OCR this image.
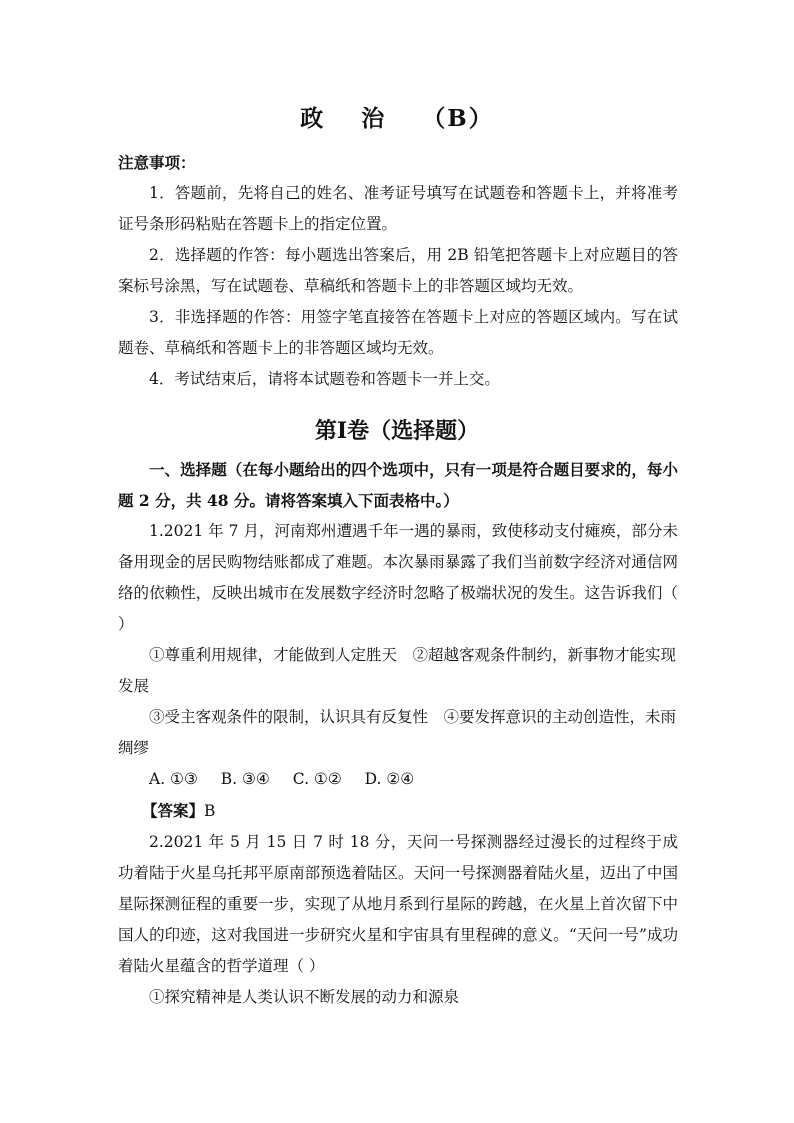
政 治 （B）
注意事项：

1．答题前，先将自己的姓名、准考证号填写在试题卷和答题卡上，并将准考证号条形码粘贴在答题卡上的指定位置。

2．选择题的作答：每小题选出答案后，用 2B 铅笔把答题卡上对应题目的答案标号涂黑，写在试题卷、草稿纸和答题卡上的非答题区域均无效。

3．非选择题的作答：用签字笔直接答在答题卡上对应的答题区域内。写在试题卷、草稿纸和答题卡上的非答题区域均无效。

4．考试结束后，请将本试题卷和答题卡一并上交。

第Ⅰ卷（选择题）

一、选择题（在每小题给出的四个选项中，只有一项是符合题目要求的，每小题 2 分，共 48 分。请将答案填入下面表格中。）

1.2021 年 7 月，河南郑州遭遇千年一遇的暴雨，致使移动支付瘫痪，部分未备用现金的居民购物结账都成了难题。本次暴雨暴露了我们当前数字经济对通信网络的依赖性，反映出城市在发展数字经济时忽略了极端状况的发生。这告诉我们（ ）

①尊重利用规律，才能做到人定胜天　②超越客观条件制约，新事物才能实现发展

③受主客观条件的限制，认识具有反复性　④要发挥意识的主动创造性，未雨绸缪

A. ①③ B. ③④ C. ①② D. ②④

【答案】B

2.2021 年 5 月 15 日 7 时 18 分，天问一号探测器经过漫长的过程终于成功着陆于火星乌托邦平原南部预选着陆区。天问一号探测器着陆火星，迈出了中国星际探测征程的重要一步，实现了从地月系到行星际的跨越，在火星上首次留下中国人的印迹，这对我国进一步研究火星和宇宙具有里程碑的意义。“天问一号”成功着陆火星蕴含的哲学道理（ ）

①探究精神是人类认识不断发展的动力和源泉
